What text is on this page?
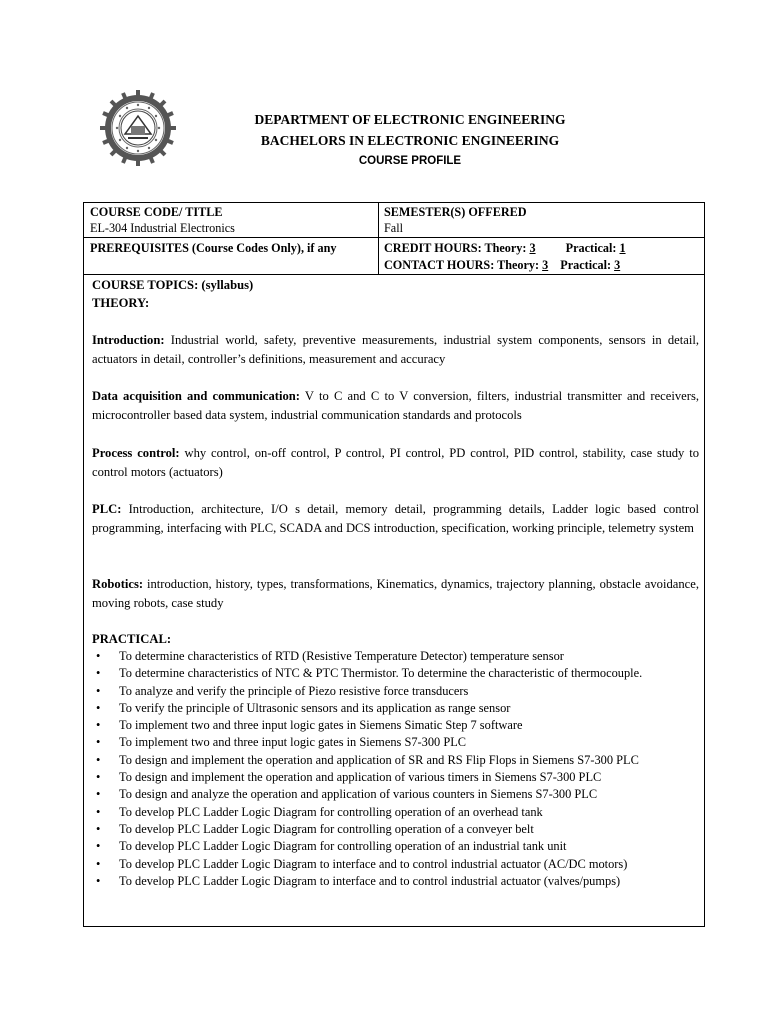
DEPARTMENT OF ELECTRONIC ENGINEERING
BACHELORS IN ELECTRONIC ENGINEERING
COURSE PROFILE
COURSE CODE/ TITLE
EL-304 Industrial Electronics
SEMESTER(S) OFFERED
Fall
PREREQUISITES (Course Codes Only), if any	CREDIT HOURS: Theory: 3 Practical: 1
CONTACT HOURS: Theory: 3 Practical: 3
COURSE TOPICS: (syllabus)
THEORY:
Introduction: Industrial world, safety, preventive measurements, industrial system components, sensors in detail, actuators in detail, controller’s definitions, measurement and accuracy
Data acquisition and communication: V to C and C to V conversion, filters, industrial transmitter and receivers, microcontroller based data system, industrial communication standards and protocols
Process control: why control, on-off control, P control, PI control, PD control, PID control, stability, case study to control motors (actuators)
PLC: Introduction, architecture, I/O s detail, memory detail, programming details, Ladder logic based control programming, interfacing with PLC, SCADA and DCS introduction, specification, working principle, telemetry system
Robotics: introduction, history, types, transformations, Kinematics, dynamics, trajectory planning, obstacle avoidance, moving robots, case study
PRACTICAL:
• To determine characteristics of RTD (Resistive Temperature Detector) temperature sensor
• To determine characteristics of NTC & PTC Thermistor. To determine the characteristic of thermocouple.
• To analyze and verify the principle of Piezo resistive force transducers
• To verify the principle of Ultrasonic sensors and its application as range sensor
• To implement two and three input logic gates in Siemens Simatic Step 7 software
• To implement two and three input logic gates in Siemens S7-300 PLC
• To design and implement the operation and application of SR and RS Flip Flops in Siemens S7-300 PLC
• To design and implement the operation and application of various timers in Siemens S7-300 PLC
• To design and analyze the operation and application of various counters in Siemens S7-300 PLC
• To develop PLC Ladder Logic Diagram for controlling operation of an overhead tank
• To develop PLC Ladder Logic Diagram for controlling operation of a conveyer belt
• To develop PLC Ladder Logic Diagram for controlling operation of an industrial tank unit
• To develop PLC Ladder Logic Diagram to interface and to control industrial actuator (AC/DC motors)
• To develop PLC Ladder Logic Diagram to interface and to control industrial actuator (valves/pumps)
